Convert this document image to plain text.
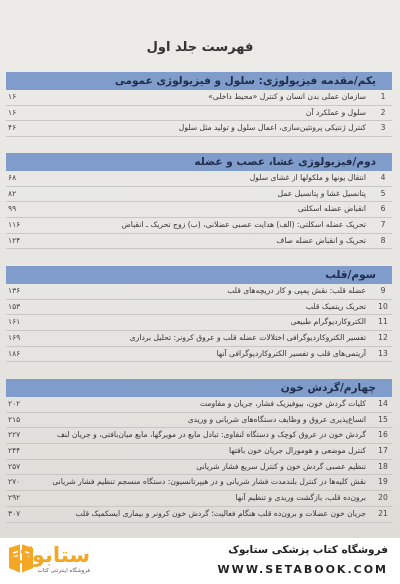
فهرست جلد اول
یکم/مقدمه فیزیولوژی: سلول و فیزیولوژی عمومی
1
سازمان عملی بدن انسان و کنترل «محیط داخلی»
۱۶
2
سلول و عملکرد آن
۱۶
3
کنترل ژنتیکی پروتئین‌سازی، اعمال سلول و تولید مثل سلول
۴۶
دوم/فیزیولوژی غشا، عصب و عضله
4
انتقال یونها و ملکولها از غشای سلول
۶۸
5
پتانسیل غشا و پتانسیل عمل
۸۲
6
انقباض عضله اسکلتی
۹۹
7
تحریک عضله اسکلتی: (الف) هدایت عصبی عضلانی، (ب) زوج تحریک ـ انقباض
۱۱۶
8
تحریک و انقباض عضله صاف
۱۲۴
سوم/قلب
9
عضله قلب: نقش پمپی و کار دریچه‌های قلب
۱۳۶
10
تحریک ریتمیک قلب
۱۵۳
11
الکتروکاردیوگرام طبیعی
۱۶۱
12
تفسیر الکتروکاردیوگرافی اختلالات عضله قلب و عروق کرونر: تحلیل برداری
۱۶۹
13
آریتمی‌های قلب و تفسیر الکتروکاردیوگرافی آنها
۱۸۶
چهارم/گردش خون
14
کلیات گردش خون، بیوفیزیک فشار، جریان و مقاومت
۲۰۲
15
اتساع‌پذیری عروق و وظایف دستگاه‌های شریانی و وریدی
۲۱۵
16
گردش خون در عروق کوچک و دستگاه لنفاوی: تبادل مایع در مویرگها، مایع میان‌بافتی، و جریان لنف
۲۲۷
17
کنترل موضعی و هومورال جریان خون بافتها
۲۴۴
18
تنظیم عصبی گردش خون و کنترل سریع فشار شریانی
۲۵۷
19
نقش کلیه‌ها در کنترل بلندمدت فشار شریانی و در هیپرتانسیون: دستگاه منسجم تنظیم فشار شریانی
۲۷۰
20
برون‌ده قلب، بازگشت وریدی و تنظیم آنها
۲۹۲
21
جریان خون عضلات و برون‌ده قلب هنگام فعالیت؛ گردش خون کرونر و بیماری ایسکمیک قلب
۳۰۷
ستابوک
فروشگاه اینترنتی کتاب
فروشگاه کتاب پزشکی ستابوک
WWW.SETABOOK.COM
